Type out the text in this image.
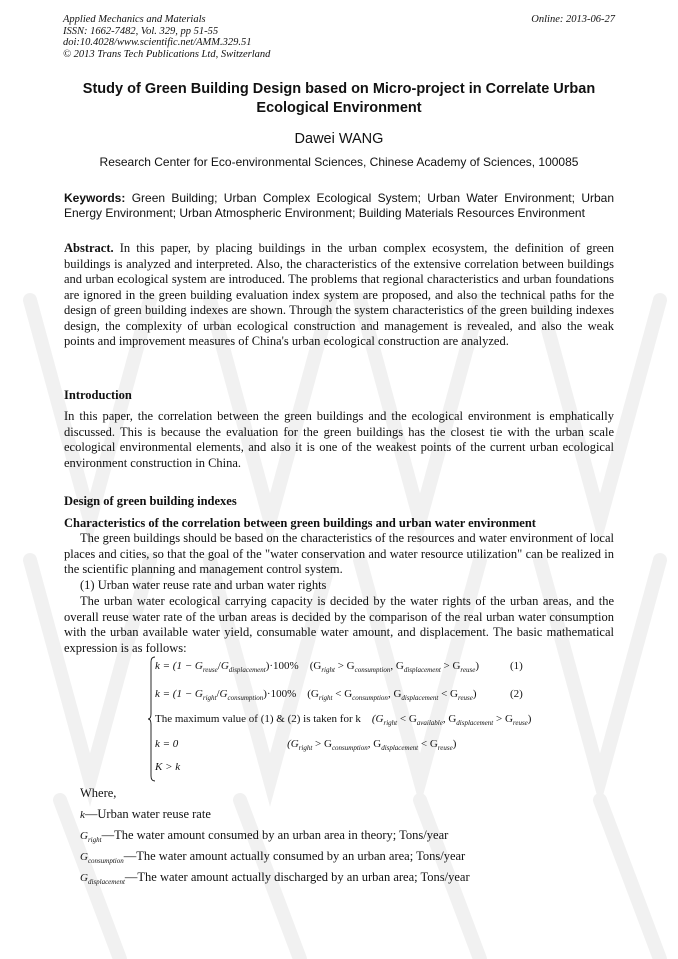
Applied Mechanics and Materials
ISSN: 1662-7482, Vol. 329, pp 51-55
doi:10.4028/www.scientific.net/AMM.329.51
© 2013 Trans Tech Publications Ltd, Switzerland
Online: 2013-06-27
Study of Green Building Design based on Micro-project in Correlate Urban Ecological Environment
Dawei WANG
Research Center for Eco-environmental Sciences, Chinese Academy of Sciences, 100085
Keywords: Green Building; Urban Complex Ecological System; Urban Water Environment; Urban Energy Environment; Urban Atmospheric Environment; Building Materials Resources Environment
Abstract. In this paper, by placing buildings in the urban complex ecosystem, the definition of green buildings is analyzed and interpreted. Also, the characteristics of the extensive correlation between buildings and urban ecological system are introduced. The problems that regional characteristics and urban foundations are ignored in the green building evaluation index system are proposed, and also the technical paths for the design of green building indexes are shown. Through the system characteristics of the green building indexes design, the complexity of urban ecological construction and management is revealed, and also the weak points and improvement measures of China's urban ecological construction are analyzed.
Introduction
In this paper, the correlation between the green buildings and the ecological environment is emphatically discussed. This is because the evaluation for the green buildings has the closest tie with the urban scale ecological environmental elements, and also it is one of the weakest points of the current urban ecological environment construction in China.
Design of green building indexes
Characteristics of the correlation between green buildings and urban water environment
The green buildings should be based on the characteristics of the resources and water environment of local places and cities, so that the goal of the "water conservation and water resource utilization" can be realized in the scientific planning and management control system.
(1) Urban water reuse rate and urban water rights
The urban water ecological carrying capacity is decided by the water rights of the urban areas, and the overall reuse water rate of the urban areas is decided by the comparison of the real urban water consumption with the urban available water yield, consumable water amount, and displacement. The basic mathematical expression is as follows:
$k = (1 - G_{reuse}/G_{displacement})\cdot 100\%$ ($G_{right} > G_{consumption}$, $G_{displacement} > G_{reuse}$)	(1)
$k = (1 - G_{right}/G_{consumption})\cdot 100\%$ ($G_{right} < G_{consumption}$, $G_{displacement} < G_{reuse}$)	(2)
The maximum value of (1) & (2) is taken for k ($G_{right} < G_{available}$, $G_{displacement} > G_{reuse}$)
k = 0	($G_{right} > G_{consumption}$, $G_{displacement} < G_{reuse}$)
K > k
Where,
k—Urban water reuse rate
$G_{right}—The$ water amount consumed by an urban area in theory; Tons/year
$G_{consumption}—The$ water amount actually consumed by an urban area; Tons/year
$G_{displacement}—The$ water amount actually discharged by an urban area; Tons/year
